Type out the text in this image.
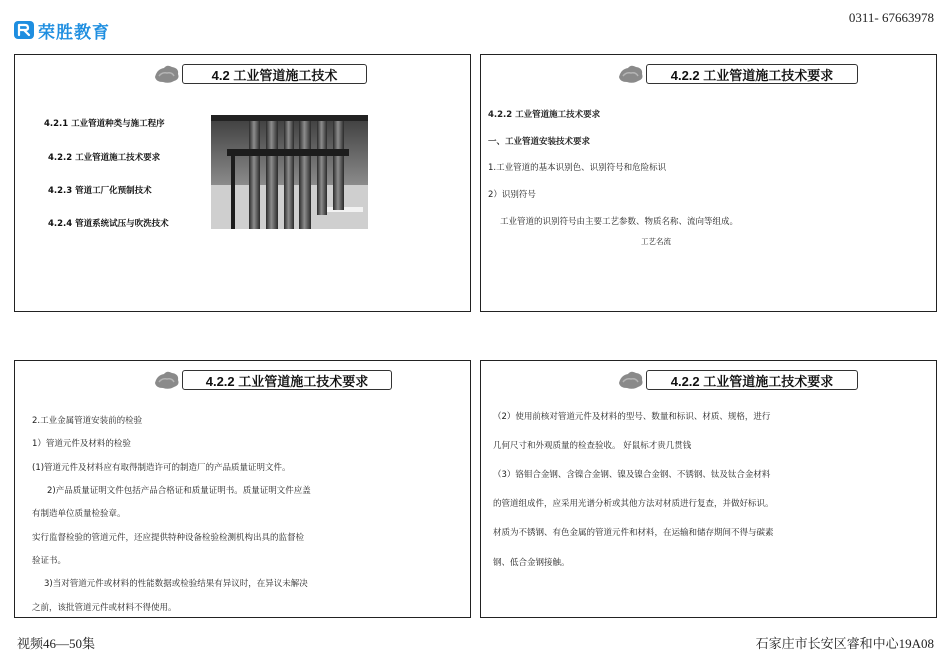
荣胜教育
0311- 67663978
4.2 工业管道施工技术
4.2.1 工业管道种类与施工程序
4.2.2 工业管道施工技术要求
4.2.3 管道工厂化预制技术
4.2.4 管道系统试压与吹洗技术
4.2.2 工业管道施工技术要求
4.2.2 工业管道施工技术要求
一、工业管道安装技术要求
1.工业管道的基本识别色、识别符号和危险标识
2）识别符号
工业管道的识别符号由主要工艺参数、物质名称、流向等组成。
工艺名流
4.2.2 工业管道施工技术要求
2.工业金属管道安装前的检验
1）管道元件及材料的检验
(1)管道元件及材料应有取得制造许可的制造厂的产品质量证明文件。
2)产品质量证明文件包括产品合格证和质量证明书。质量证明文件应盖
有制造单位质量检验章。
实行监督检验的管道元件，还应提供特种设备检验检测机构出具的监督检
验证书。
3)当对管道元件或材料的性能数据或检验结果有异议时，在异议未解决
之前，该批管道元件或材料不得使用。
4.2.2 工业管道施工技术要求
（2）使用前核对管道元件及材料的型号、数量和标识、材质、规格，进行
几何尺寸和外观质量的检查验收。 好鼠标才贵几贯钱
（3）铬钼合金钢、含镍合金钢、镍及镍合金钢、不锈钢、钛及钛合金材料
的管道组成件，应采用光谱分析或其他方法对材质进行复查，并做好标识。
材质为不锈钢、有色金属的管道元件和材料，在运输和储存期间不得与碳素
钢、低合金钢接触。
视频46—50集	石家庄市长安区睿和中心19A08
